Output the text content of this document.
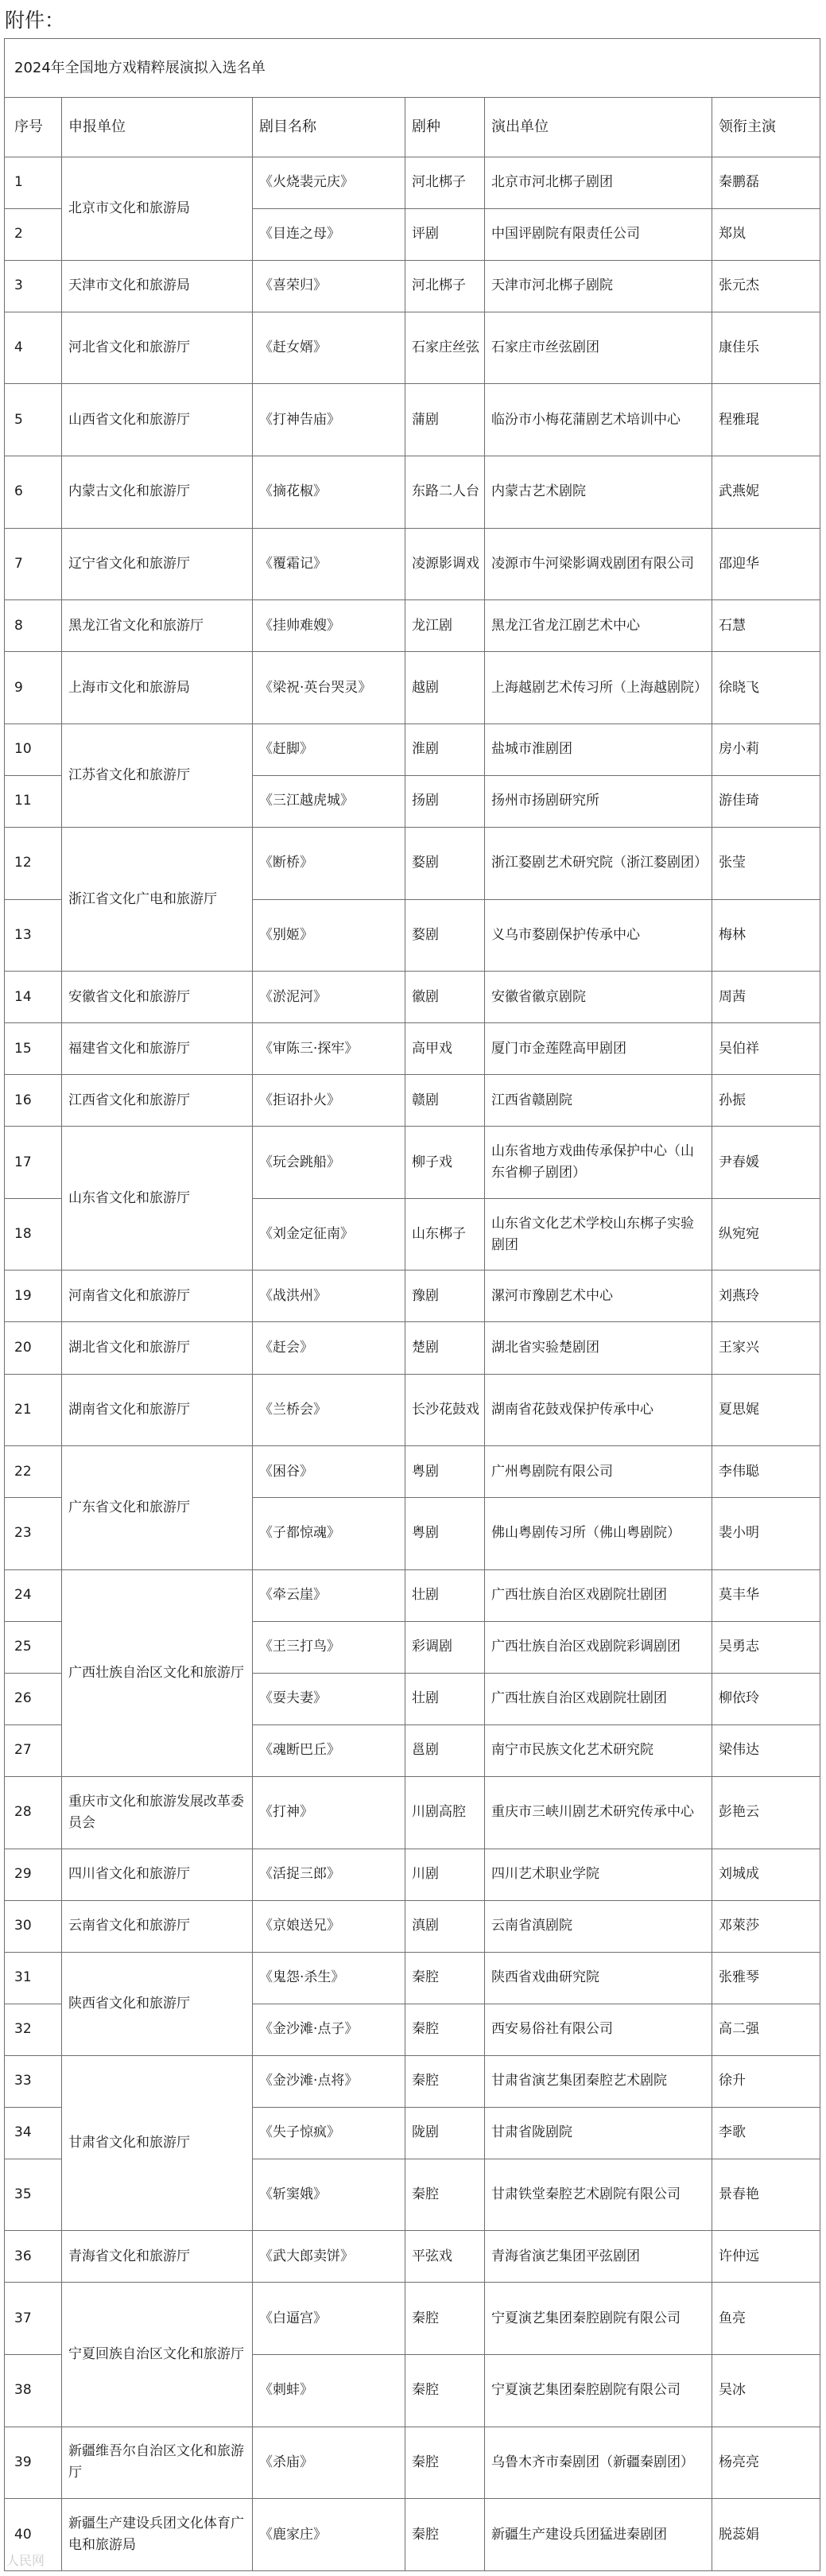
附件：
2024年全国地方戏精粹展演拟入选名单					
序号	申报单位	剧目名称	剧种	演出单位	领衔主演
1	北京市文化和旅游局	《火烧裴元庆》	河北梆子	北京市河北梆子剧团	秦鹏磊
2		《目连之母》	评剧	中国评剧院有限责任公司	郑岚
3	天津市文化和旅游局	《喜荣归》	河北梆子	天津市河北梆子剧院	张元杰
4	河北省文化和旅游厅	《赶女婿》	石家庄丝弦	石家庄市丝弦剧团	康佳乐
5	山西省文化和旅游厅	《打神告庙》	蒲剧	临汾市小梅花蒲剧艺术培训中心	程雅琨
6	内蒙古文化和旅游厅	《摘花椒》	东路二人台	内蒙古艺术剧院	武燕妮
7	辽宁省文化和旅游厅	《覆霜记》	凌源影调戏	凌源市牛河梁影调戏剧团有限公司	邵迎华
8	黑龙江省文化和旅游厅	《挂帅难嫂》	龙江剧	黑龙江省龙江剧艺术中心	石慧
9	上海市文化和旅游局	《梁祝·英台哭灵》	越剧	上海越剧艺术传习所（上海越剧院）	徐晓飞
10	江苏省文化和旅游厅	《赶脚》	淮剧	盐城市淮剧团	房小莉
11		《三江越虎城》	扬剧	扬州市扬剧研究所	游佳琦
12	浙江省文化广电和旅游厅	《断桥》	婺剧	浙江婺剧艺术研究院（浙江婺剧团）	张莹
13		《别姬》	婺剧	义乌市婺剧保护传承中心	梅林
14	安徽省文化和旅游厅	《淤泥河》	徽剧	安徽省徽京剧院	周茜
15	福建省文化和旅游厅	《审陈三·探牢》	高甲戏	厦门市金莲陞高甲剧团	吴伯祥
16	江西省文化和旅游厅	《拒诏扑火》	赣剧	江西省赣剧院	孙振
17	山东省文化和旅游厅	《玩会跳船》	柳子戏	山东省地方戏曲传承保护中心（山东省柳子剧团）	尹春媛
18		《刘金定征南》	山东梆子	山东省文化艺术学校山东梆子实验剧团	纵宛宛
19	河南省文化和旅游厅	《战洪州》	豫剧	漯河市豫剧艺术中心	刘燕玲
20	湖北省文化和旅游厅	《赶会》	楚剧	湖北省实验楚剧团	王家兴
21	湖南省文化和旅游厅	《兰桥会》	长沙花鼓戏	湖南省花鼓戏保护传承中心	夏思娓
22	广东省文化和旅游厅	《困谷》	粤剧	广州粤剧院有限公司	李伟聪
23		《子都惊魂》	粤剧	佛山粤剧传习所（佛山粤剧院）	裴小明
24	广西壮族自治区文化和旅游厅	《牵云崖》	壮剧	广西壮族自治区戏剧院壮剧团	莫丰华
25		《王三打鸟》	彩调剧	广西壮族自治区戏剧院彩调剧团	吴勇志
26		《耍夫妻》	壮剧	广西壮族自治区戏剧院壮剧团	柳依玲
27		《魂断巴丘》	邕剧	南宁市民族文化艺术研究院	梁伟达
28	重庆市文化和旅游发展改革委员会	《打神》	川剧高腔	重庆市三峡川剧艺术研究传承中心	彭艳云
29	四川省文化和旅游厅	《活捉三郎》	川剧	四川艺术职业学院	刘城成
30	云南省文化和旅游厅	《京娘送兄》	滇剧	云南省滇剧院	邓萊莎
31	陕西省文化和旅游厅	《鬼怨·杀生》	秦腔	陕西省戏曲研究院	张雅琴
32		《金沙滩·点子》	秦腔	西安易俗社有限公司	高二强
33	甘肃省文化和旅游厅	《金沙滩·点将》	秦腔	甘肃省演艺集团秦腔艺术剧院	徐升
34		《失子惊疯》	陇剧	甘肃省陇剧院	李歌
35		《斩窦娥》	秦腔	甘肃铁堂秦腔艺术剧院有限公司	景春艳
36	青海省文化和旅游厅	《武大郎卖饼》	平弦戏	青海省演艺集团平弦剧团	许仲远
37	宁夏回族自治区文化和旅游厅	《白逼宫》	秦腔	宁夏演艺集团秦腔剧院有限公司	鱼亮
38		《刺蚌》	秦腔	宁夏演艺集团秦腔剧院有限公司	吴冰
39	新疆维吾尔自治区文化和旅游厅	《杀庙》	秦腔	乌鲁木齐市秦剧团（新疆秦剧团）	杨亮亮
40	新疆生产建设兵团文化体育广电和旅游局	《鹿家庄》	秦腔	新疆生产建设兵团猛进秦剧团	脱蕊娟
人民网
